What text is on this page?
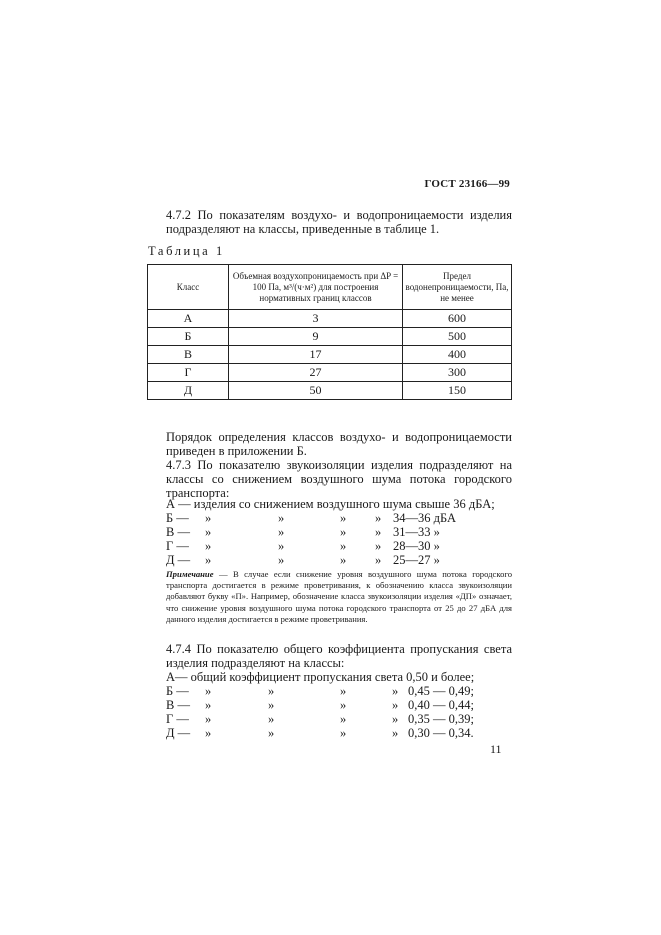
ГОСТ 23166—99
4.7.2 По показателям воздухо- и водопроницаемости изделия подразделяют на классы, приведенные в таблице 1.
Таблица 1
Класс	Объемная воздухопроницаемость при ΔP = 100 Па, м³/(ч·м²) для построения нормативных границ классов	Предел водонепроницаемости, Па, не менее
А	3	600
Б	9	500
В	17	400
Г	27	300
Д	50	150
Порядок определения классов воздухо- и водопроницаемости приведен в приложении Б.
4.7.3 По показателю звукоизоляции изделия подразделяют на классы со снижением воздушного шума потока городского транспорта:
А — изделия со снижением воздушного шума свыше 36 дБА;
Б — »	»	» » 34—36 дБА
В — »	»	» » 31—33 »
Г — »	»	» » 28—30 »
Д — »	»	» » 25—27 »
Примечание — В случае если снижение уровня воздушного шума потока городского транспорта достигается в режиме проветривания, к обозначению класса звукоизоляции добавляют букву «П». Например, обозначение класса звукоизоляции изделия «ДП» означает, что снижение уровня воздушного шума потока городского транспорта от 25 до 27 дБА для данного изделия достигается в режиме проветривания.
4.7.4 По показателю общего коэффициента пропускания света изделия подразделяют на классы:
А— общий коэффициент пропускания света 0,50 и более;
Б — »	»	»	» 0,45 — 0,49;
В — »	»	»	» 0,40 — 0,44;
Г — »	»	»	» 0,35 — 0,39;
Д — »	»	»	» 0,30 — 0,34.
11
